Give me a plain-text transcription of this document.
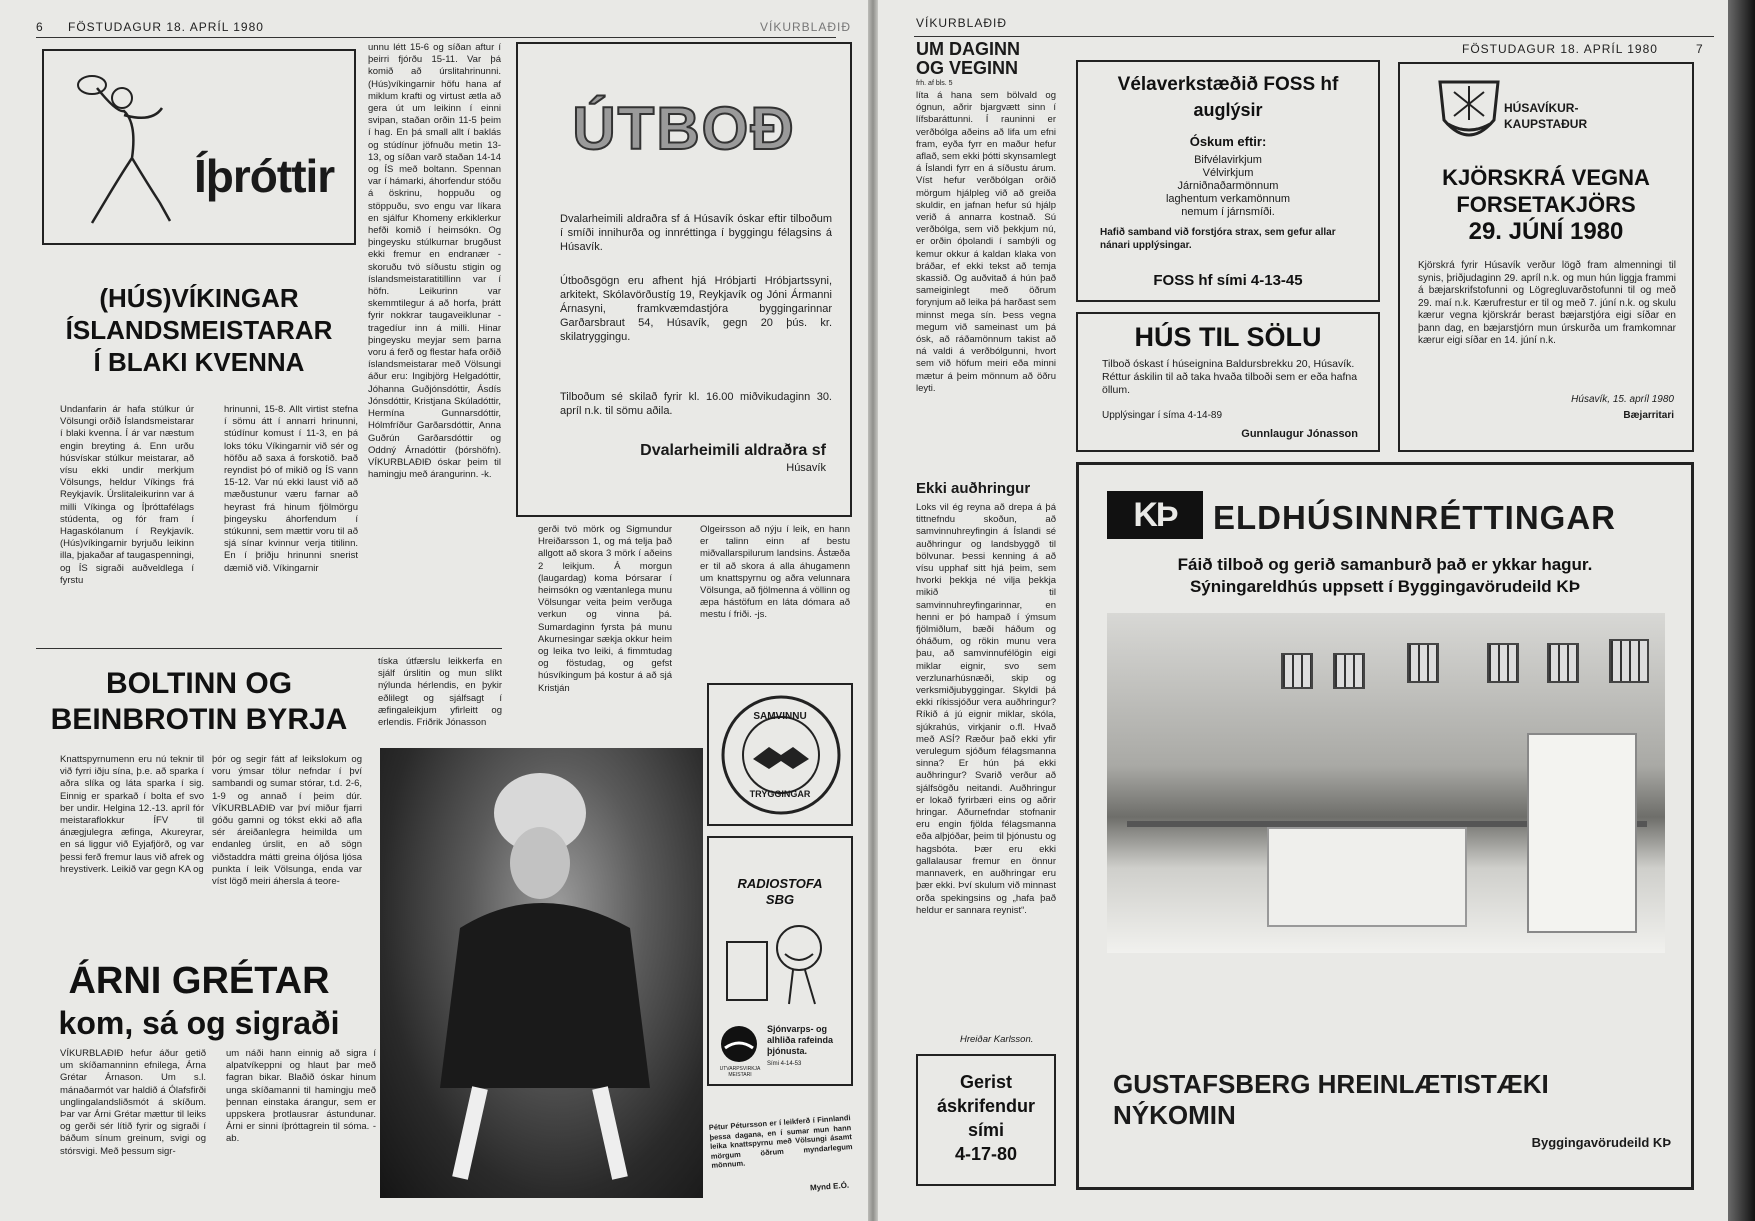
6 FÖSTUDAGUR 18. APRÍL 1980	VÍKURBLAÐIÐ
Íþróttir
(HÚS)VÍKINGAR
ÍSLANDSMEISTARAR
Í BLAKI KVENNA
Undanfarin ár hafa stúlkur úr Völsungi orðið Íslandsmeistarar í blaki kvenna. Í ár var næstum engin breyting á. Enn urðu húsvískar stúlkur meistarar, að vísu ekki undir merkjum Völsungs, heldur Víkings frá Reykjavík. Úrslitaleikurinn var á milli Víkinga og Íþróttafélags stúdenta, og fór fram í Hagaskólanum í Reykjavík. (Hús)víkingarnir byrjuðu leikinn illa, þjakaðar af taugaspenningi, og ÍS sigraði auðveldlega í fyrstu
hrinunni, 15-8. Allt virtist stefna í sömu átt í annarri hrinunni, stúdínur komust í 11-3, en þá loks tóku Víkingarnir við sér og höfðu að saxa á forskotið. Það reyndist þó of mikið og ÍS vann 15-12. Var nú ekki laust við að mæðustunur væru farnar að heyrast frá hinum fjölmörgu þingeysku áhorfendum í stúkunni, sem mættir voru til að sjá sínar kvinnur verja titilinn. En í þriðju hrinunni snerist dæmið við. Víkingarnir
unnu létt 15-6 og síðan aftur í þeirri fjórðu 15-11. Var þá komið að úrslitahrinunni. (Hús)víkingarnir höfu hana af miklum krafti og virtust ætla að gera út um leikinn í einni svipan, staðan orðin 11-5 þeim í hag. En þá small allt í baklás og stúdínur jöfnuðu metin 13-13, og síðan varð staðan 14-14 og ÍS með boltann. Spennan var í hámarki, áhorfendur stóðu á öskrinu, hoppuðu og stöppuðu, svo engu var líkara en sjálfur Khomeny erkiklerkur hefði komið í heimsókn. Og þingeysku stúlkurnar brugðust ekki fremur en endranær - skoruðu tvö síðustu stigin og íslandsmeistaratitillinn var í höfn. Leikurinn var skemmtilegur á að horfa, þrátt fyrir nokkrar taugaveiklunar - tragedíur inn á milli. Hinar þingeysku meyjar sem þarna voru á ferð og flestar hafa orðið íslandsmeistarar með Völsungi áður eru: Ingibjörg Helgadóttir, Jóhanna Guðjónsdóttir, Ásdís Jónsdóttir, Kristjana Skúladóttir, Hermína Gunnarsdóttir, Hólmfríður Garðarsdóttir, Anna Guðrún Garðarsdóttir og Oddný Árnadóttir (þórshöfn). VÍKURBLAÐIÐ óskar þeim til hamingju með árangurinn. -k.
ÚTBOÐ
Dvalarheimili aldraðra sf á Húsavík óskar eftir tilboðum í smíði innihurða og innréttinga í byggingu félagsins á Húsavík.
Útboðsgögn eru afhent hjá Hróbjarti Hróbjartssyni, arkitekt, Skólavörðustíg 19, Reykjavík og Jóni Ármanni Árnasyni, framkvæmdastjóra byggingarinnar Garðarsbraut 54, Húsavík, gegn 20 þús. kr. skilatryggingu.
Tilboðum sé skilað fyrir kl. 16.00 miðvikudaginn 30. apríl n.k. til sömu aðila.
Dvalarheimili aldraðra sf
Húsavík
gerði tvö mörk og Sigmundur Hreiðarsson 1, og má telja það allgott að skora 3 mörk í aðeins 2 leikjum. Á morgun (laugardag) koma Þórsarar í heimsókn og væntanlega munu Völsungar veita þeim verðuga verkun og vinna þá. Sumardaginn fyrsta þá munu Akurnesingar sækja okkur heim og leika tvo leiki, á fimmtudag og föstudag, og gefst húsvíkingum þá kostur á að sjá Kristján
Olgeirsson að nýju í leik, en hann er talinn einn af bestu miðvallarspilurum landsins. Ástæða er til að skora á alla áhugamenn um knattspyrnu og aðra velunnara Völsunga, að fjölmenna á völlinn og æpa hástöfum en láta dómara að mestu í friði. -js.
SAMVINNU
TRYGGINGAR
RADIOSTOFA
SBG
UTVARPSVIRKJA MEISTARI
Sjónvarps- og
alhliða rafeinda
þjónusta.
Sími 4-14-53
Pétur Pétursson er í leikferð í Finnlandi þessa dagana, en í sumar mun hann leika knattspyrnu með Völsungi ásamt mörgum öðrum myndarlegum mönnum.
Mynd E.Ó.
BOLTINN OG
BEINBROTIN BYRJA
Knattspyrnumenn eru nú teknir til við fyrri iðju sína, þ.e. að sparka í aðra slíka og láta sparka í sig. Einnig er sparkað í bolta ef svo ber undir. Helgina 12.-13. apríl fór meistaraflokkur ÍFV til ánægjulegra æfinga, Akureyrar, en sá liggur við Eyjafjörð, og var þessi ferð fremur laus við afrek og hreystiverk. Leikið var gegn KA og
þór og segir fátt af leikslokum og voru ýmsar tölur nefndar í því sambandi og sumar stórar, t.d. 2-6, 1-9 og annað í þeim dúr. VÍKURBLAÐIÐ var því miður fjarri góðu gamni og tókst ekki að afla sér áreiðanlegra heimilda um endanleg úrslit, en að sögn viðstaddra mátti greina óljósa ljósa punkta í leik Völsunga, enda var víst lögð meiri áhersla á teore-
tíska útfærslu leikkerfa en sjálf úrslitin og mun slíkt nýlunda hérlendis, en þykir eðlilegt og sjálfsagt í æfingaleikjum yfirleitt og erlendis. Friðrik Jónasson
ÁRNI GRÉTAR
kom, sá og sigraði
VÍKURBLAÐIÐ hefur áður getið um skíðamanninn efnilega, Árna Grétar Árnason. Um s.l. mánaðarmót var haldið á Ólafsfirði unglingalandsliðsmót á skíðum. Þar var Árni Grétar mættur til leiks og gerði sér lítið fyrir og sigraði í báðum sínum greinum, svigi og stórsvigi. Með þessum sigr-
um náði hann einnig að sigra í alpatvíkeppni og hlaut þar með fagran bikar. Blaðið óskar hinum unga skíðamanni til hamingju með þennan einstaka árangur, sem er uppskera þrotlausrar ástundunar. Árni er sinni íþróttagrein til sóma. -ab.
VÍKURBLAÐIÐ
FÖSTUDAGUR 18. APRÍL 1980	7
UM DAGINN
OG VEGINN
frh. af bls. 5
líta á hana sem bölvald og ógnun, aðrir bjargvætt sinn í lífsbaráttunni. Í rauninni er verðbólga aðeins að lifa um efni fram, eyða fyrr en maður hefur aflað, sem ekki þótti skynsamlegt á Íslandi fyrr en á síðustu árum. Víst hefur verðbólgan orðið mörgum hjálpleg við að greiða skuldir, en jafnan hefur sú hjálp verið á annarra kostnað. Sú verðbólga, sem við þekkjum nú, er orðin óþolandi í sambýli og kemur okkur á kaldan klaka von bráðar, ef ekki tekst að temja skassið. Og auðvitað á hún það sameiginlegt með öðrum forynjum að leika þá harðast sem minnst mega sín. Þess vegna megum við sameinast um þá ósk, að ráðamönnum takist að ná valdi á verðbólgunni, hvort sem við höfum meiri eða minni mætur á þeim mönnum að öðru leyti.
Ekki auðhringur
Loks vil ég reyna að drepa á þá tittnefndu skoðun, að samvinnuhreyfingin á Íslandi sé auðhringur og landsbyggð til bölvunar. Þessi kenning á að vísu upphaf sitt hjá þeim, sem hvorki þekkja né vilja þekkja mikið til samvinnuhreyfingarinnar, en henni er þó hampað í ýmsum fjölmiðlum, bæði háðum og óháðum, og rökin munu vera þau, að samvinnufélögin eigi miklar eignir, svo sem verzlunarhúsnæði, skip og verksmiðjubyggingar. Skyldi þá ekki ríkissjóður vera auðhringur? Ríkið á jú eignir miklar, skóla, sjúkrahús, virkjanir o.fl. Hvað með ASÍ? Ræður það ekki yfir verulegum sjóðum félagsmanna sinna? Er hún þá ekki auðhringur? Svarið verður að sjálfsögðu neitandi. Auðhringur er lokað fyrirbæri eins og aðrir hringar. Aðurnefndar stofnanir eru engin fjölda félagsmanna eða alþjóðar, þeim til þjónustu og hagsbóta. Þær eru ekki gallalausar fremur en önnur mannaverk, en auðhringar eru þær ekki. Því skulum við minnast orða spekingsins og „hafa það heldur er sannara reynist“.
Hreiðar Karlsson.
Gerist
áskrifendur
sími
4-17-80
Vélaverkstæðið FOSS hf
auglýsir
Óskum eftir:
Bifvélavirkjum
Vélvirkjum
Járniðnaðarmönnum
laghentum verkamönnum
nemum í járnsmíði.
Hafið samband við forstjóra strax, sem gefur allar nánari upplýsingar.
FOSS hf sími 4-13-45
HÚS TIL SÖLU
Tilboð óskast í húseignina Baldursbrekku 20, Húsavík. Réttur áskilin til að taka hvaða tilboði sem er eða hafna öllum.
Upplýsingar í síma 4-14-89
Gunnlaugur Jónasson
HÚSAVÍKUR-
KAUPSTAÐUR
KJÖRSKRÁ VEGNA
FORSETAKJÖRS
29. JÚNÍ 1980
Kjörskrá fyrir Húsavík verður lögð fram almenningi til synis, þriðjudaginn 29. apríl n.k. og mun hún liggja frammi á bæjarskrifstofunni og Lögregluvarðstofunni til og með 29. maí n.k. Kærufrestur er til og með 7. júní n.k. og skulu kærur vegna kjörskrár berast bæjarstjóra eigi síðar en þann dag, en bæjarstjórn mun úrskurða um framkomnar kærur eigi síðar en 14. júní n.k.
Húsavík, 15. apríl 1980
Bæjarritari
KÞ	ELDHÚSINNRÉTTINGAR
Fáið tilboð og gerið samanburð það er ykkar hagur.
Sýningareldhús uppsett í Byggingavörudeild KÞ
GUSTAFSBERG HREINLÆTISTÆKI
NÝKOMIN
Byggingavörudeild KÞ
